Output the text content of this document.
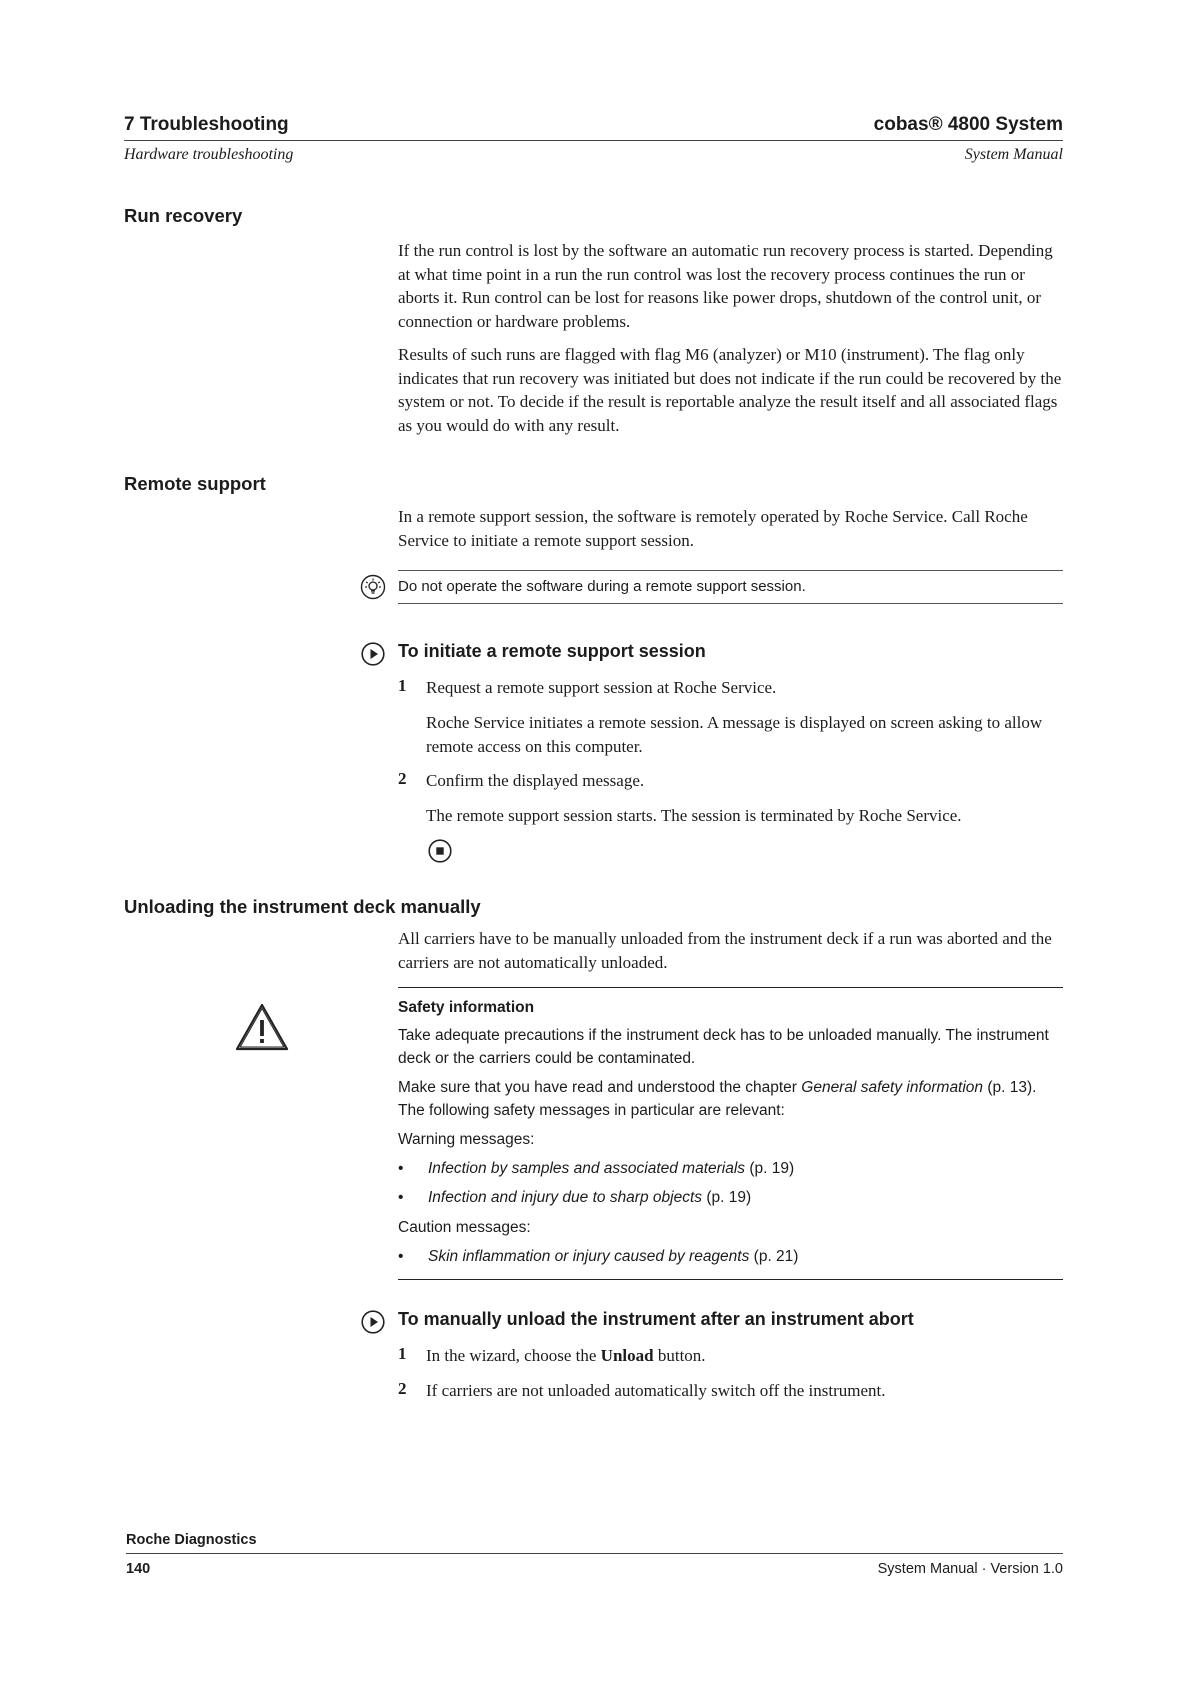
7 Troubleshooting	cobas® 4800 System
Hardware troubleshooting	System Manual
Run recovery

If the run control is lost by the software an automatic run recovery process is started. Depending at what time point in a run the run control was lost the recovery process continues the run or aborts it. Run control can be lost for reasons like power drops, shutdown of the control unit, or connection or hardware problems.

Results of such runs are flagged with flag M6 (analyzer) or M10 (instrument). The flag only indicates that run recovery was initiated but does not indicate if the run could be recovered by the system or not. To decide if the result is reportable analyze the result itself and all associated flags as you would do with any result.

Remote support

In a remote support session, the software is remotely operated by Roche Service. Call Roche Service to initiate a remote support session.

Do not operate the software during a remote support session.
To initiate a remote support session
1 Request a remote support session at Roche Service.
Roche Service initiates a remote session. A message is displayed on screen asking to allow remote access on this computer.
2 Confirm the displayed message.
The remote support session starts. The session is terminated by Roche Service.
Unloading the instrument deck manually

All carriers have to be manually unloaded from the instrument deck if a run was aborted and the carriers are not automatically unloaded.

Safety information
Take adequate precautions if the instrument deck has to be unloaded manually. The instrument deck or the carriers could be contaminated.
Make sure that you have read and understood the chapter General safety information (p. 13). The following safety messages in particular are relevant:
Warning messages:
• Infection by samples and associated materials (p. 19)
• Infection and injury due to sharp objects (p. 19)
Caution messages:
• Skin inflammation or injury caused by reagents (p. 21)
To manually unload the instrument after an instrument abort
1 In the wizard, choose the Unload button.
2 If carriers are not unloaded automatically switch off the instrument.
Roche Diagnostics
140	System Manual · Version 1.0
